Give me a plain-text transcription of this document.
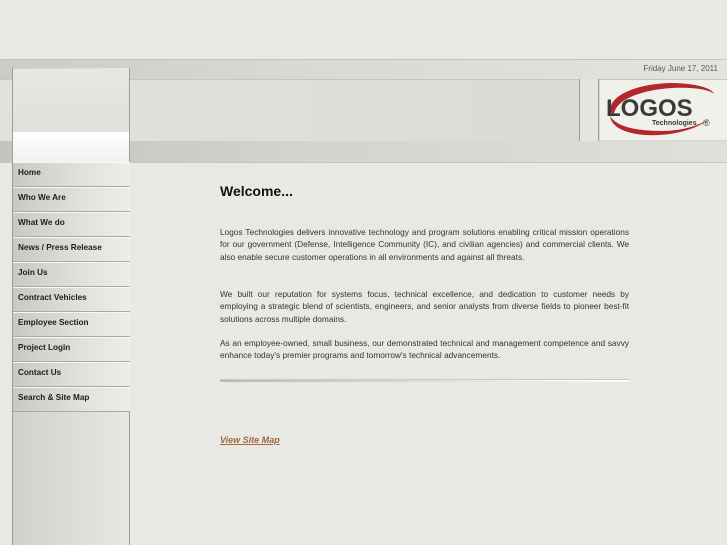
Friday June 17, 2011
LOGOS
Technologies ®
Home
Who We Are
What We do
News / Press Release
Join Us
Contract Vehicles
Employee Section
Project Login
Contact Us
Search & Site Map
Welcome...

Logos Technologies delivers innovative technology and program solutions enabling critical mission operations for our government (Defense, Intelligence Community (IC), and civilian agencies) and commercial clients. We also enable secure customer operations in all environments and against all threats.

We built our reputation for systems focus, technical excellence, and dedication to customer needs by employing a strategic blend of scientists, engineers, and senior analysts from diverse fields to pioneer best-fit solutions across multiple domains.

As an employee-owned, small business, our demonstrated technical and management competence and savvy enhance today's premier programs and tomorrow's technical advancements.

View Site Map
